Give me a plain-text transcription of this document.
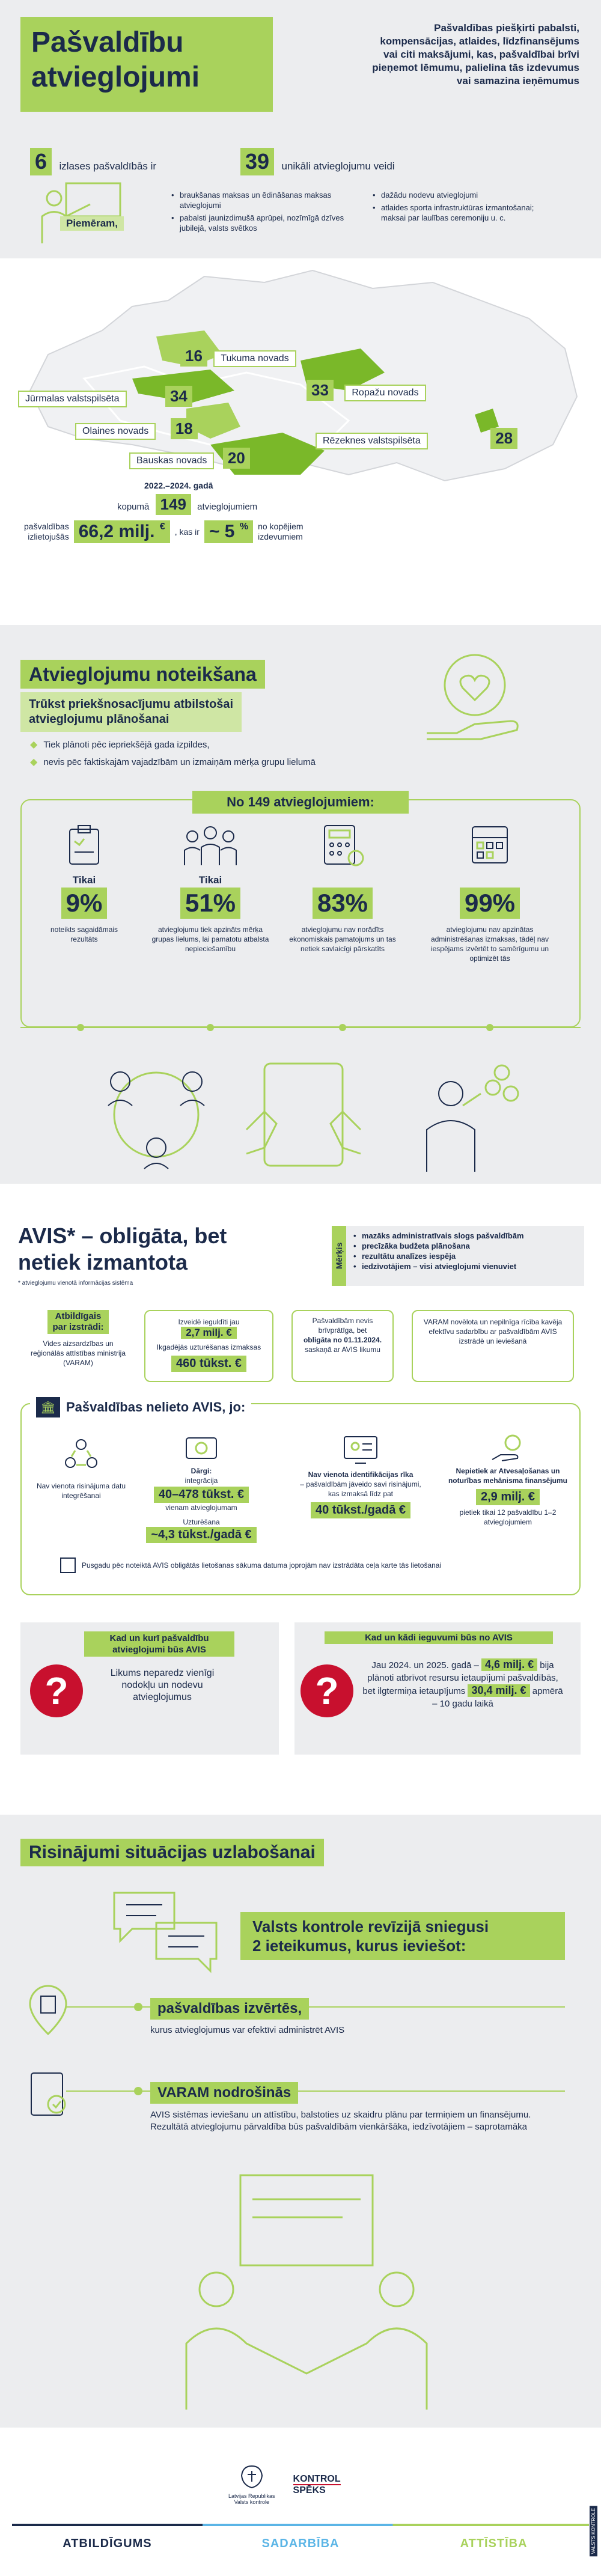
Pašvaldību
atvieglojumi
Pašvaldības piešķirti pabalsti,
kompensācijas, atlaides, līdzfinansējums
vai citi maksājumi, kas, pašvaldībai brīvi
pieņemot lēmumu, palielina tās izdevumus
vai samazina ieņēmumus
6 izlases pašvaldībās ir	39 unikāli atvieglojumu veidi
Piemēram,
• braukšanas maksas un ēdināšanas maksas atvieglojumi
• pabalsti jaunizdimušā aprūpei, nozīmīgā dzīves jubilejā, valsts svētkos
• dažādu nodevu atvieglojumi
• atlaides sporta infrastruktūras izmantošanai; maksai par laulības ceremoniju u. c.
16 Tukuma novads
Jūrmalas valstspilsēta	34	33 Ropažu novads
Olaines novads 18
Rēzeknes valstspilsēta	28
Bauskas novads 20
2022.–2024. gadā
kopumā 149 atvieglojumiem
pašvaldības
izlietojušās 66,2 milj. €	, kas ir ~ 5 %	no kopējiem
izdevumiem
Atvieglojumu noteikšana
Trūkst priekšnosacījumu atbilstošai
atvieglojumu plānošanai
◆ Tiek plānoti pēc iepriekšējā gada izpildes,
◆ nevis pēc faktiskajām vajadzībām un izmaiņām mērķa grupu lielumā
No 149 atvieglojumiem:
Tikai
9%
noteikts sagaidāmais rezultāts
Tikai
51%
atvieglojumu tiek apzināts mērķa grupas lielums, lai pamatotu atbalsta nepieciešamību
83%
atvieglojumu nav norādīts ekonomiskais pamatojums un tas netiek savlaicīgi pārskatīts
99%
atvieglojumu nav apzinātas administrēšanas izmaksas, tādēļ nav iespējams izvērtēt to samērīgumu un optimizēt tās
AVIS* – obligāta, bet
netiek izmantota
* atvieglojumu vienotā informācijas sistēma
Mērķis
• mazāks administratīvais slogs pašvaldībām
• precīzāka budžeta plānošana
• rezultātu analīzes iespēja
• iedzīvotājiem – visi atvieglojumi vienuviet
Atbildīgais
par izstrādi:
Vides aizsardzības un reģionālās attīstības ministrija (VARAM)
Izveidē ieguldīti jau 2,7 milj. €
Ikgadējās uzturēšanas izmaksas
460 tūkst. €
Pašvaldībām nevis brīvprātīga, bet
obligāta no 01.11.2024.
saskaņā ar AVIS likumu
VARAM novēlota un nepilnīga rīcība kavēja efektīvu sadarbību ar pašvaldībām AVIS izstrādē un ieviešanā
🏛 Pašvaldības nelieto AVIS, jo:
Nav vienota risinājuma datu integrēšanai
Dārgi:
integrācija
40–478 tūkst. €
vienam atvieglojumam
Uzturēšana
~4,3 tūkst./gadā €
Nav vienota identifikācijas rīka
– pašvaldībām jāveido savi risinājumi, kas izmaksā līdz pat
40 tūkst./gadā €
Nepietiek ar Atvesaļošanas un noturības mehānisma finansējumu
2,9 milj. €
pietiek tikai 12 pašvaldību 1–2 atvieglojumiem
Pusgadu pēc noteiktā AVIS obligātās lietošanas sākuma datuma joprojām nav izstrādāta ceļa karte tās lietošanai
?
Kad un kurī pašvaldību
atvieglojumi būs AVIS
Likums neparedz vienīgi nodokļu un nodevu atvieglojumus	?
Kad un kādi ieguvumi būs no AVIS
Jau 2024. un 2025. gadā – 4,6 milj. € bija plānoti atbrīvot resursu ietaupījumi pašvaldībās, bet ilgtermiņa ietaupījums 30,4 milj. € apmērā – 10 gadu laikā
Risinājumi situācijas uzlabošanai
Valsts kontrole revīzijā sniegusi
2 ieteikumus, kurus ieviešot:
pašvaldības izvērtēs,
kurus atvieglojumus var efektīvi administrēt AVIS
VARAM nodrošinās
AVIS sistēmas ieviešanu un attīstību, balstoties uz skaidru plānu par termiņiem un finansējumu. Rezultātā atvieglojumu pārvaldība būs pašvaldībām vienkāršāka, iedzīvotājiem – saprotamāka
Latvijas Republikas
Valsts kontrole
KONTROL
SPĒKS
ATBILDĪGUMS	SADARBĪBA	ATTĪSTĪBA	VALSTS KONTROLE
